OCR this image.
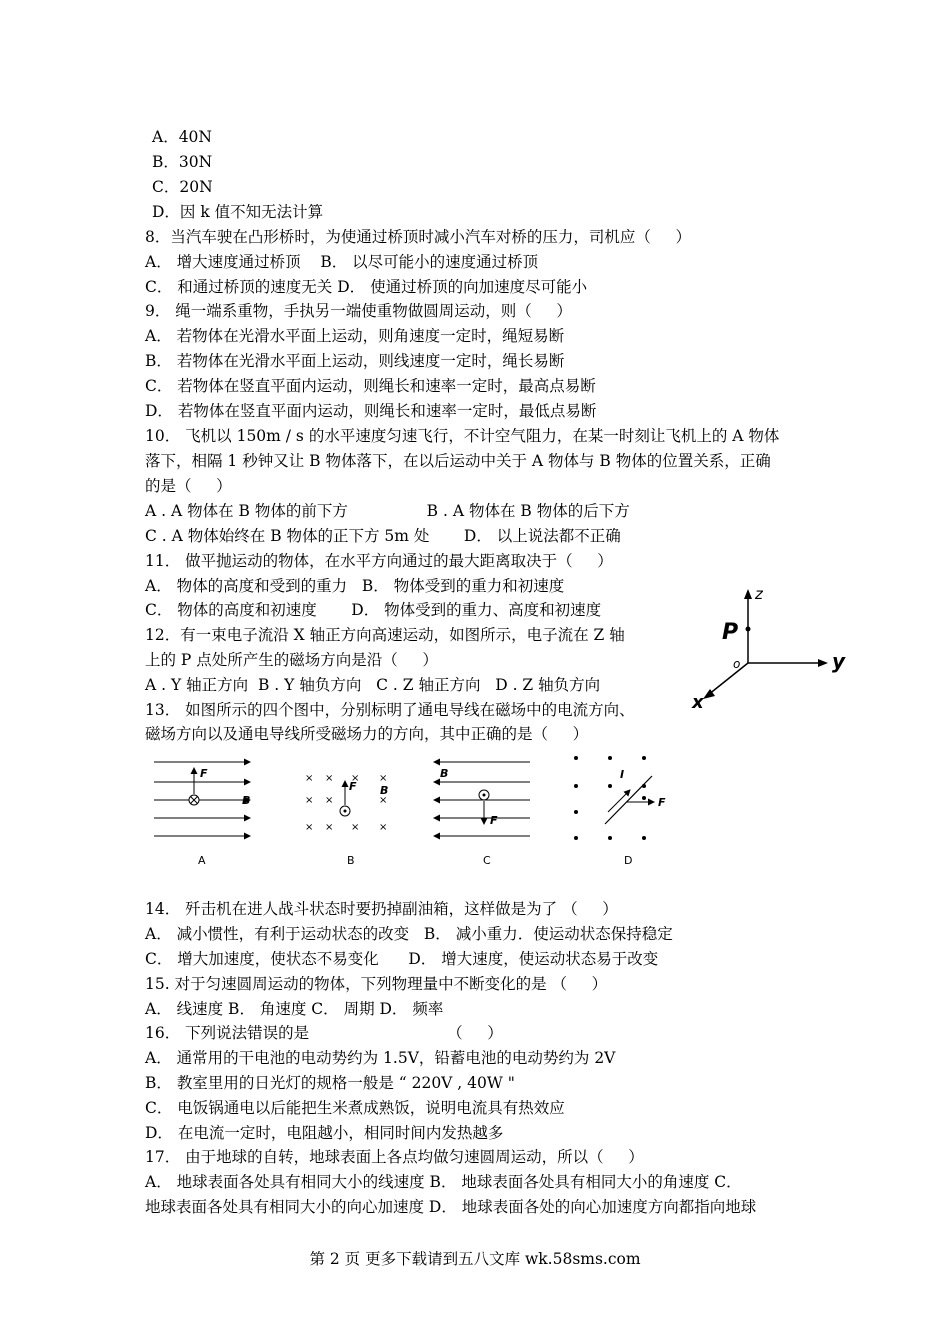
A．40N
B．30N
C．20N
D．因 k 值不知无法计算
8．当汽车驶在凸形桥时，为使通过桥顶时减小汽车对桥的压力，司机应（     ）
A． 增大速度通过桥顶    B． 以尽可能小的速度通过桥顶
C． 和通过桥顶的速度无关 D． 使通过桥顶的向加速度尽可能小
9． 绳一端系重物，手执另一端使重物做圆周运动，则（     ）
A． 若物体在光滑水平面上运动，则角速度一定时，绳短易断
B． 若物体在光滑水平面上运动，则线速度一定时，绳长易断
C． 若物体在竖直平面内运动，则绳长和速率一定时，最高点易断
D． 若物体在竖直平面内运动，则绳长和速率一定时，最低点易断
10． 飞机以 150m / s 的水平速度匀速飞行，不计空气阻力，在某一时刻让飞机上的 A 物体
落下，相隔 1 秒钟又让 B 物体落下，在以后运动中关于 A 物体与 B 物体的位置关系，正确
的是（     ）
A . A 物体在 B 物体的前下方                B . A 物体在 B 物体的后下方
C . A 物体始终在 B 物体的正下方 5m 处       D． 以上说法都不正确
11． 做平抛运动的物体，在水平方向通过的最大距离取决于（     ）
A． 物体的高度和受到的重力   B． 物体受到的重力和初速度
C． 物体的高度和初速度       D． 物体受到的重力、高度和初速度
12．有一束电子流沿 X 轴正方向高速运动，如图所示，电子流在 Z 轴
上的 P 点处所产生的磁场方向是沿（     ）
A . Y 轴正方向  B . Y 轴负方向   C . Z 轴正方向   D . Z 轴负方向
13． 如图所示的四个图中，分别标明了通电导线在磁场中的电流方向、
磁场方向以及通电导线所受磁场力的方向，其中正确的是（     ）
z
P
o	y
x
F
B
A
× × × ×
× ×	×
× × × ×
F B
B
B
F
C
I
F
D
14． 歼击机在进人战斗状态时要扔掉副油箱，这样做是为了 （     ）
A． 减小惯性，有利于运动状态的改变   B． 减小重力．使运动状态保持稳定
C． 增大加速度，使状态不易变化      D． 增大速度，使运动状态易于改变
15. 对于匀速圆周运动的物体，下列物理量中不断变化的是 （     ）
A． 线速度 B． 角速度 C． 周期 D． 频率
16． 下列说法错误的是                            （     ）
A． 通常用的干电池的电动势约为 1.5V，铅蓄电池的电动势约为 2V
B． 教室里用的日光灯的规格一般是 “ 220V , 40W "
C． 电饭锅通电以后能把生米煮成熟饭，说明电流具有热效应
D． 在电流一定时，电阻越小，相同时间内发热越多
17． 由于地球的自转，地球表面上各点均做匀速圆周运动，所以（     ）
A． 地球表面各处具有相同大小的线速度 B． 地球表面各处具有相同大小的角速度 C．
地球表面各处具有相同大小的向心加速度 D． 地球表面各处的向心加速度方向都指向地球
第 2 页 更多下载请到五八文库 wk.58sms.com
